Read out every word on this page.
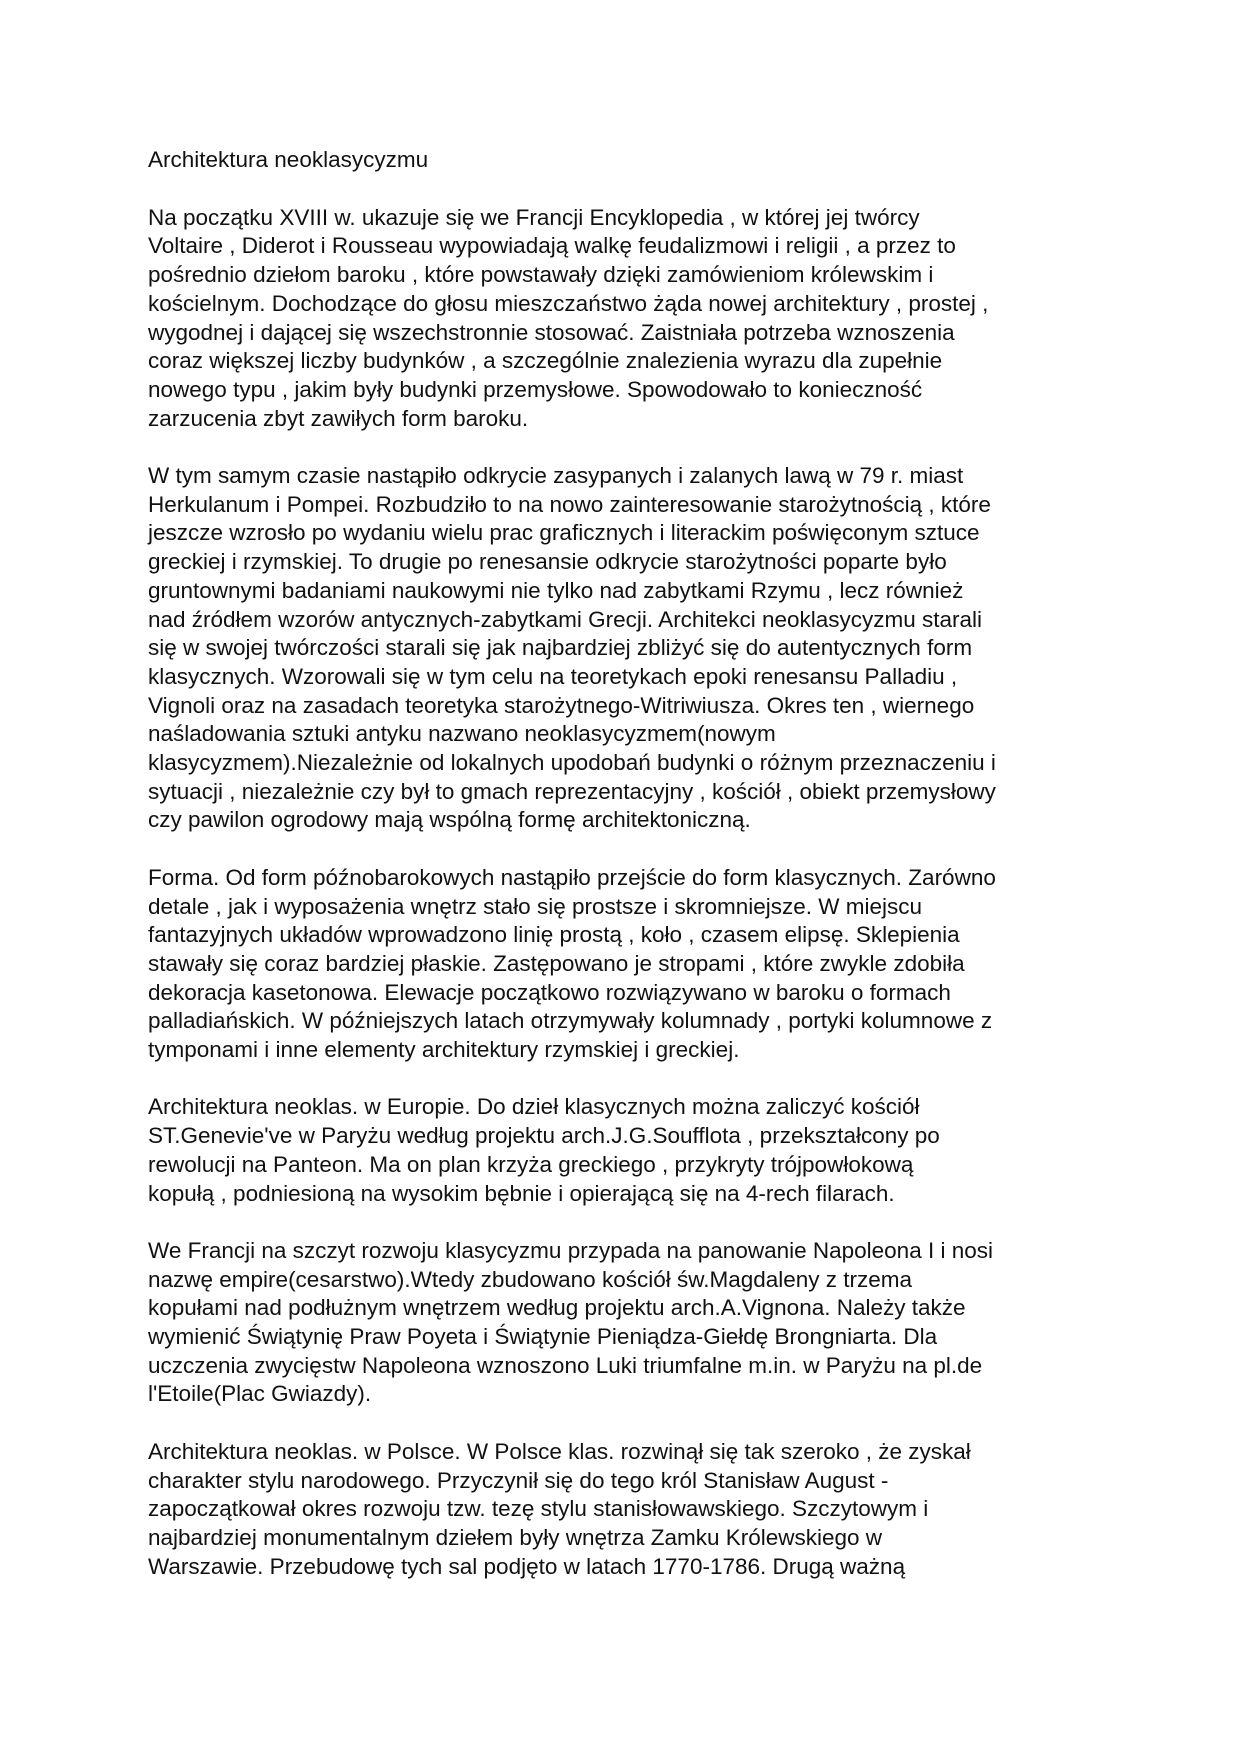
Architektura neoklasycyzmu
Na początku XVIII w. ukazuje się we Francji Encyklopedia , w której jej twórcy
Voltaire , Diderot i Rousseau wypowiadają walkę feudalizmowi i religii , a przez to
pośrednio dziełom baroku , które powstawały dzięki zamówieniom królewskim i
kościelnym. Dochodzące do głosu mieszczaństwo żąda nowej architektury , prostej ,
wygodnej i dającej się wszechstronnie stosować. Zaistniała potrzeba wznoszenia
coraz większej liczby budynków , a szczególnie znalezienia wyrazu dla zupełnie
nowego typu , jakim były budynki przemysłowe. Spowodowało to konieczność
zarzucenia zbyt zawiłych form baroku.
W tym samym czasie nastąpiło odkrycie zasypanych i zalanych lawą w 79 r. miast
Herkulanum i Pompei. Rozbudziło to na nowo zainteresowanie starożytnością , które
jeszcze wzrosło po wydaniu wielu prac graficznych i literackim poświęconym sztuce
greckiej i rzymskiej. To drugie po renesansie odkrycie starożytności poparte było
gruntownymi badaniami naukowymi nie tylko nad zabytkami Rzymu , lecz również
nad źródłem wzorów antycznych-zabytkami Grecji. Architekci neoklasycyzmu starali
się w swojej twórczości starali się jak najbardziej zbliżyć się do autentycznych form
klasycznych. Wzorowali się w tym celu na teoretykach epoki renesansu Palladiu ,
Vignoli oraz na zasadach teoretyka starożytnego-Witriwiusza. Okres ten , wiernego
naśladowania sztuki antyku nazwano neoklasycyzmem(nowym
klasycyzmem).Niezależnie od lokalnych upodobań budynki o różnym przeznaczeniu i
sytuacji , niezależnie czy był to gmach reprezentacyjny , kościół , obiekt przemysłowy
czy pawilon ogrodowy mają wspólną formę architektoniczną.
Forma. Od form późnobarokowych nastąpiło przejście do form klasycznych. Zarówno
detale , jak i wyposażenia wnętrz stało się prostsze i skromniejsze. W miejscu
fantazyjnych układów wprowadzono linię prostą , koło , czasem elipsę. Sklepienia
stawały się coraz bardziej płaskie. Zastępowano je stropami , które zwykle zdobiła
dekoracja kasetonowa. Elewacje początkowo rozwiązywano w baroku o formach
palladiańskich. W późniejszych latach otrzymywały kolumnady , portyki kolumnowe z
tymponami i inne elementy architektury rzymskiej i greckiej.
Architektura neoklas. w Europie. Do dzieł klasycznych można zaliczyć kościół
ST.Genevie've w Paryżu według projektu arch.J.G.Soufflota , przekształcony po
rewolucji na Panteon. Ma on plan krzyża greckiego , przykryty trójpowłokową
kopułą , podniesioną na wysokim bębnie i opierającą się na 4-rech filarach.
We Francji na szczyt rozwoju klasycyzmu przypada na panowanie Napoleona I i nosi
nazwę empire(cesarstwo).Wtedy zbudowano kościół św.Magdaleny z trzema
kopułami nad podłużnym wnętrzem według projektu arch.A.Vignona. Należy także
wymienić Świątynię Praw Poyeta i Świątynie Pieniądza-Giełdę Brongniarta. Dla
uczczenia zwycięstw Napoleona wznoszono Luki triumfalne m.in. w Paryżu na pl.de
l'Etoile(Plac Gwiazdy).
Architektura neoklas. w Polsce. W Polsce klas. rozwinął się tak szeroko , że zyskał
charakter stylu narodowego. Przyczynił się do tego król Stanisław August -
zapoczątkował okres rozwoju tzw. tezę stylu stanisłowawskiego. Szczytowym i
najbardziej monumentalnym dziełem były wnętrza Zamku Królewskiego w
Warszawie. Przebudowę tych sal podjęto w latach 1770-1786. Drugą ważną
